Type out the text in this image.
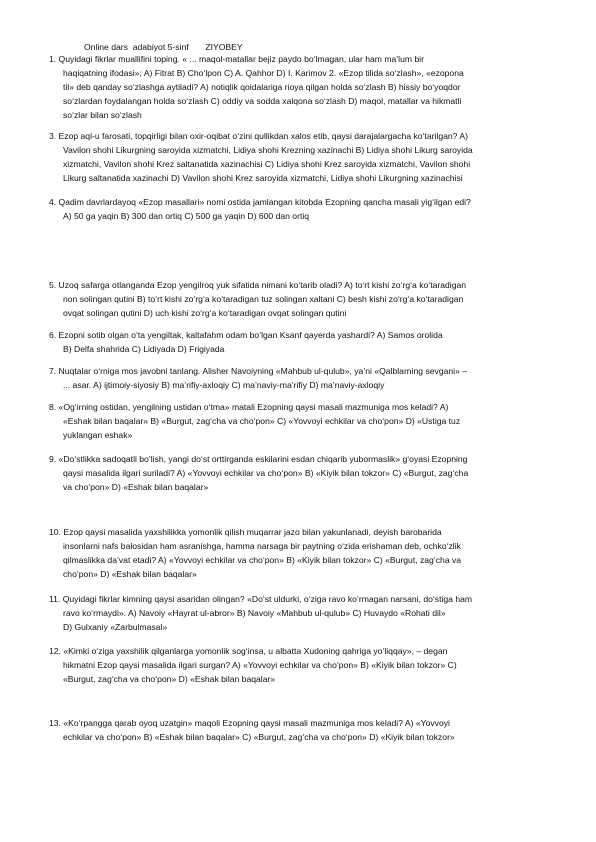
Online dars  adabiyot 5-sinf       ZIYOBEY
1. Quyidagi fikrlar muallifini toping. « ... maqol-matallar bejiz paydo bo‘lmagan, ular ham ma’lum bir
haqiqatning ifodasi»; A) Fitrat B) Cho‘lpon C) A. Qahhor D) I. Karimov 2. «Ezop tilida so‘zlash», «ezopona
til» deb qanday so‘zlashga aytiladi? A) notiqlik qoidalariga rioya qilgan holda so‘zlash B) hissiy bo‘yoqdor
so‘zlardan foydalangan holda so‘zlash C) oddiy va sodda xalqona so‘zlash D) maqol, matallar va hikmatli
so‘zlar bilan so‘zlash
3. Ezop aql-u farosati, topqirligi bilan oxir-oqibat o‘zini qullikdan xalos etib, qaysi darajalargacha ko‘tarilgan? A)
Vavilon shohi Likurgning saroyida xizmatchi, Lidiya shohi Krezning xazinachi B) Lidiya shohi Likurg saroyida
xizmatchi, Vavilon shohi Krez saltanatida xazinachisi C) Lidiya shohi Krez saroyida xizmatchi, Vavilon shohi
Likurg saltanatida xazinachi D) Vavilon shohi Krez saroyida xizmatchi, Lidiya shohi Likurgning xazinachisi
4. Qadim davrlardayoq «Ezop masallari» nomi ostida jamlangan kitobda Ezopning qancha masali yig‘ilgan edi?
A) 50 ga yaqin B) 300 dan ortiq C) 500 ga yaqin D) 600 dan ortiq
5. Uzoq safarga otlanganda Ezop yengilroq yuk sifatida nimani ko‘tarib oladi? A) to‘rt kishi zo‘rg‘a ko‘taradigan
non solingan qutini B) to‘rt kishi zo‘rg‘a ko‘taradigan tuz solingan xaltani C) besh kishi zo‘rg‘a ko‘taradigan
ovqat solingan qutini D) uch kishi zo‘rg‘a ko‘taradigan ovqat solingan qutini
6. Ezopni sotib olgan o‘ta yengiltak, kaltafahm odam bo‘lgan Ksanf qayerda yashardi? A) Samos orolida
B) Delfa shahrida C) Lidiyada D) Frigiyada
7. Nuqtalar o‘rniga mos javobni tanlang. Alisher Navoiyning «Mahbub ul-qulub», ya’ni «Qalblarning sevgani» –
... asar. A) ijtimoiy-siyosiy B) ma’rifiy-axloqiy C) ma’naviy-ma’rifiy D) ma’naviy-axloqiy
8. «Og‘irning ostidan, yengilning ustidan o‘tma» matali Ezopning qaysi masali mazmuniga mos keladi? A)
«Eshak bilan baqalar» B) «Burgut, zag‘cha va cho‘pon» C) «Yovvoyi echkilar va cho‘pon» D) «Ustiga tuz
yuklangan eshak»
9. «Do‘stlikka sadoqatli bo‘lish, yangi do‘st orttirganda eskilarini esdan chiqarib yubormaslik» g‘oyasi Ezopning
qaysi masalida ilgari suriladi? A) «Yovvoyi echkilar va cho‘pon» B) «Kiyik bilan tokzor» C) «Burgut, zag‘cha
va cho‘pon» D) «Eshak bilan baqalar»
10. Ezop qaysi masalida yaxshilikka yomonlik qilish muqarrar jazo bilan yakunlanadi, deyish barobarida
insonlarni nafs balosidan ham asranishga, hamma narsaga bir paytning o‘zida erishaman deb, ochko‘zlik
qilmaslikka da’vat etadi? A) «Yovvoyi echkilar va cho‘pon» B) «Kiyik bilan tokzor» C) «Burgut, zag‘cha va
cho‘pon» D) «Eshak bilan baqalar»
11. Quyidagi fikrlar kimning qaysi asaridan olingan? «Do‘st uldurki, o‘ziga ravo ko‘rmagan narsani, do‘stiga ham
ravo ko‘rmaydi». A) Navoiy «Hayrat ul-abror» B) Navoiy «Mahbub ul-qulub» C) Huvaydo «Rohati dil»
D) Gulxaniy «Zarbulmasal»
12. «Kimki o‘ziga yaxshilik qilganlarga yomonlik sog‘insa, u albatta Xudoning qahriga yo‘liqqay», – degan
hikmatni Ezop qaysi masalida ilgari surgan? A) «Yovvoyi echkilar va cho‘pon» B) «Kiyik bilan tokzor» C)
«Burgut, zag‘cha va cho‘pon» D) «Eshak bilan baqalar»
13. «Ko‘rpangga qarab oyoq uzatgin» maqoli Ezopning qaysi masali mazmuniga mos keladi? A) «Yovvoyi
echkilar va cho‘pon» B) «Eshak bilan baqalar» C) «Burgut, zag‘cha va cho‘pon» D) «Kiyik bilan tokzor»
